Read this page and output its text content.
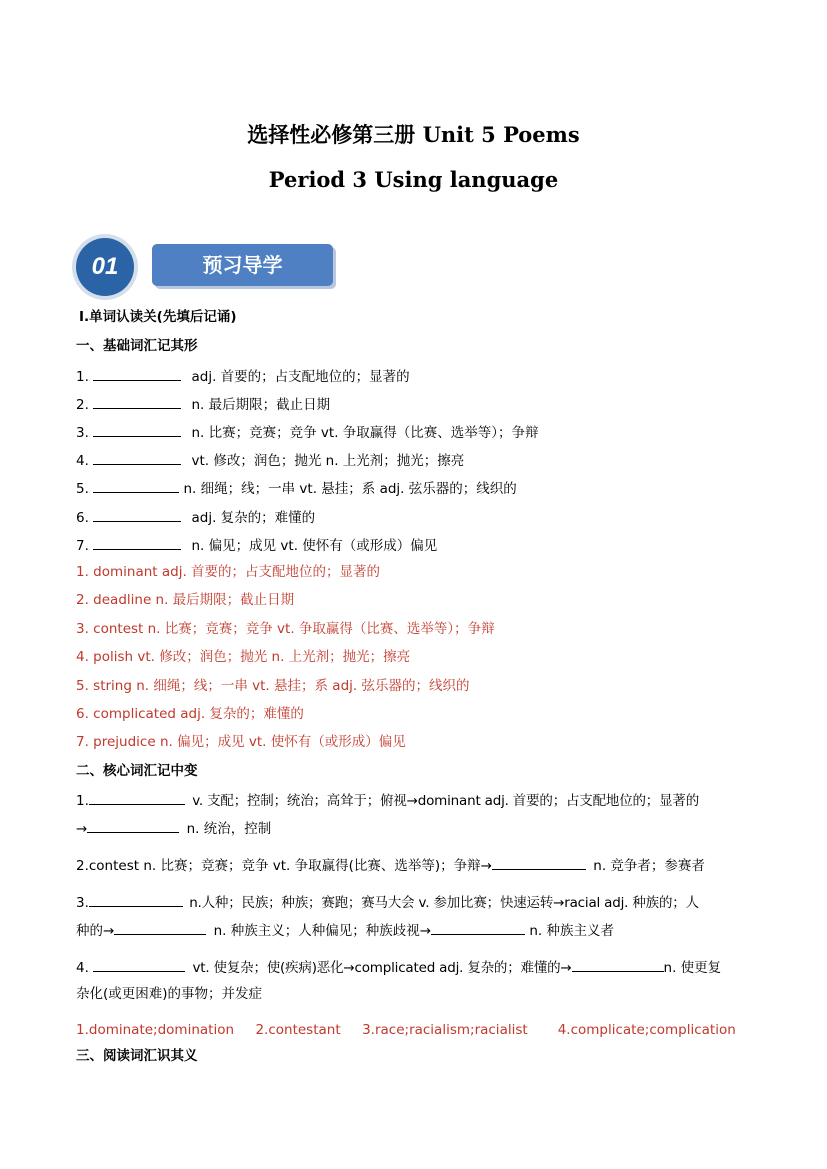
选择性必修第三册 Unit 5 Poems
Period 3 Using language
01	预习导学
Ⅰ.单词认读关(先填后记诵)
一、基础词汇记其形
1.	adj. 首要的；占支配地位的；显著的
2.	n. 最后期限；截止日期
3.	n. 比赛；竞赛；竞争 vt. 争取赢得（比赛、选举等）；争辩
4.	vt. 修改；润色；抛光 n. 上光剂；抛光；擦亮
5.	n. 细绳；线；一串 vt. 悬挂；系 adj. 弦乐器的；线织的
6.	adj. 复杂的；难懂的
7.	n. 偏见；成见 vt. 使怀有（或形成）偏见
1. dominant adj. 首要的；占支配地位的；显著的
2. deadline n. 最后期限；截止日期
3. contest n. 比赛；竞赛；竞争 vt. 争取赢得（比赛、选举等）；争辩
4. polish vt. 修改；润色；抛光 n. 上光剂；抛光；擦亮
5. string n. 细绳；线；一串 vt. 悬挂；系 adj. 弦乐器的；线织的
6. complicated adj. 复杂的；难懂的
7. prejudice n. 偏见；成见 vt. 使怀有（或形成）偏见
二、核心词汇记中变
1.	v. 支配；控制；统治；高耸于；俯视→dominant adj. 首要的；占支配地位的；显著的
→	n. 统治，控制
2.contest n. 比赛；竞赛；竞争 vt. 争取赢得(比赛、选举等)；争辩→	n. 竞争者；参赛者
3.	n.人种；民族；种族；赛跑；赛马大会 v. 参加比赛；快速运转→racial adj. 种族的；人
种的→	n. 种族主义；人种偏见；种族歧视→	n. 种族主义者
4.	vt. 使复杂；使(疾病)恶化→complicated adj. 复杂的；难懂的→	n. 使更复
杂化(或更困难)的事物；并发症
1.dominate;domination     2.contestant     3.race;racialism;racialist       4.complicate;complication
三、阅读词汇识其义
